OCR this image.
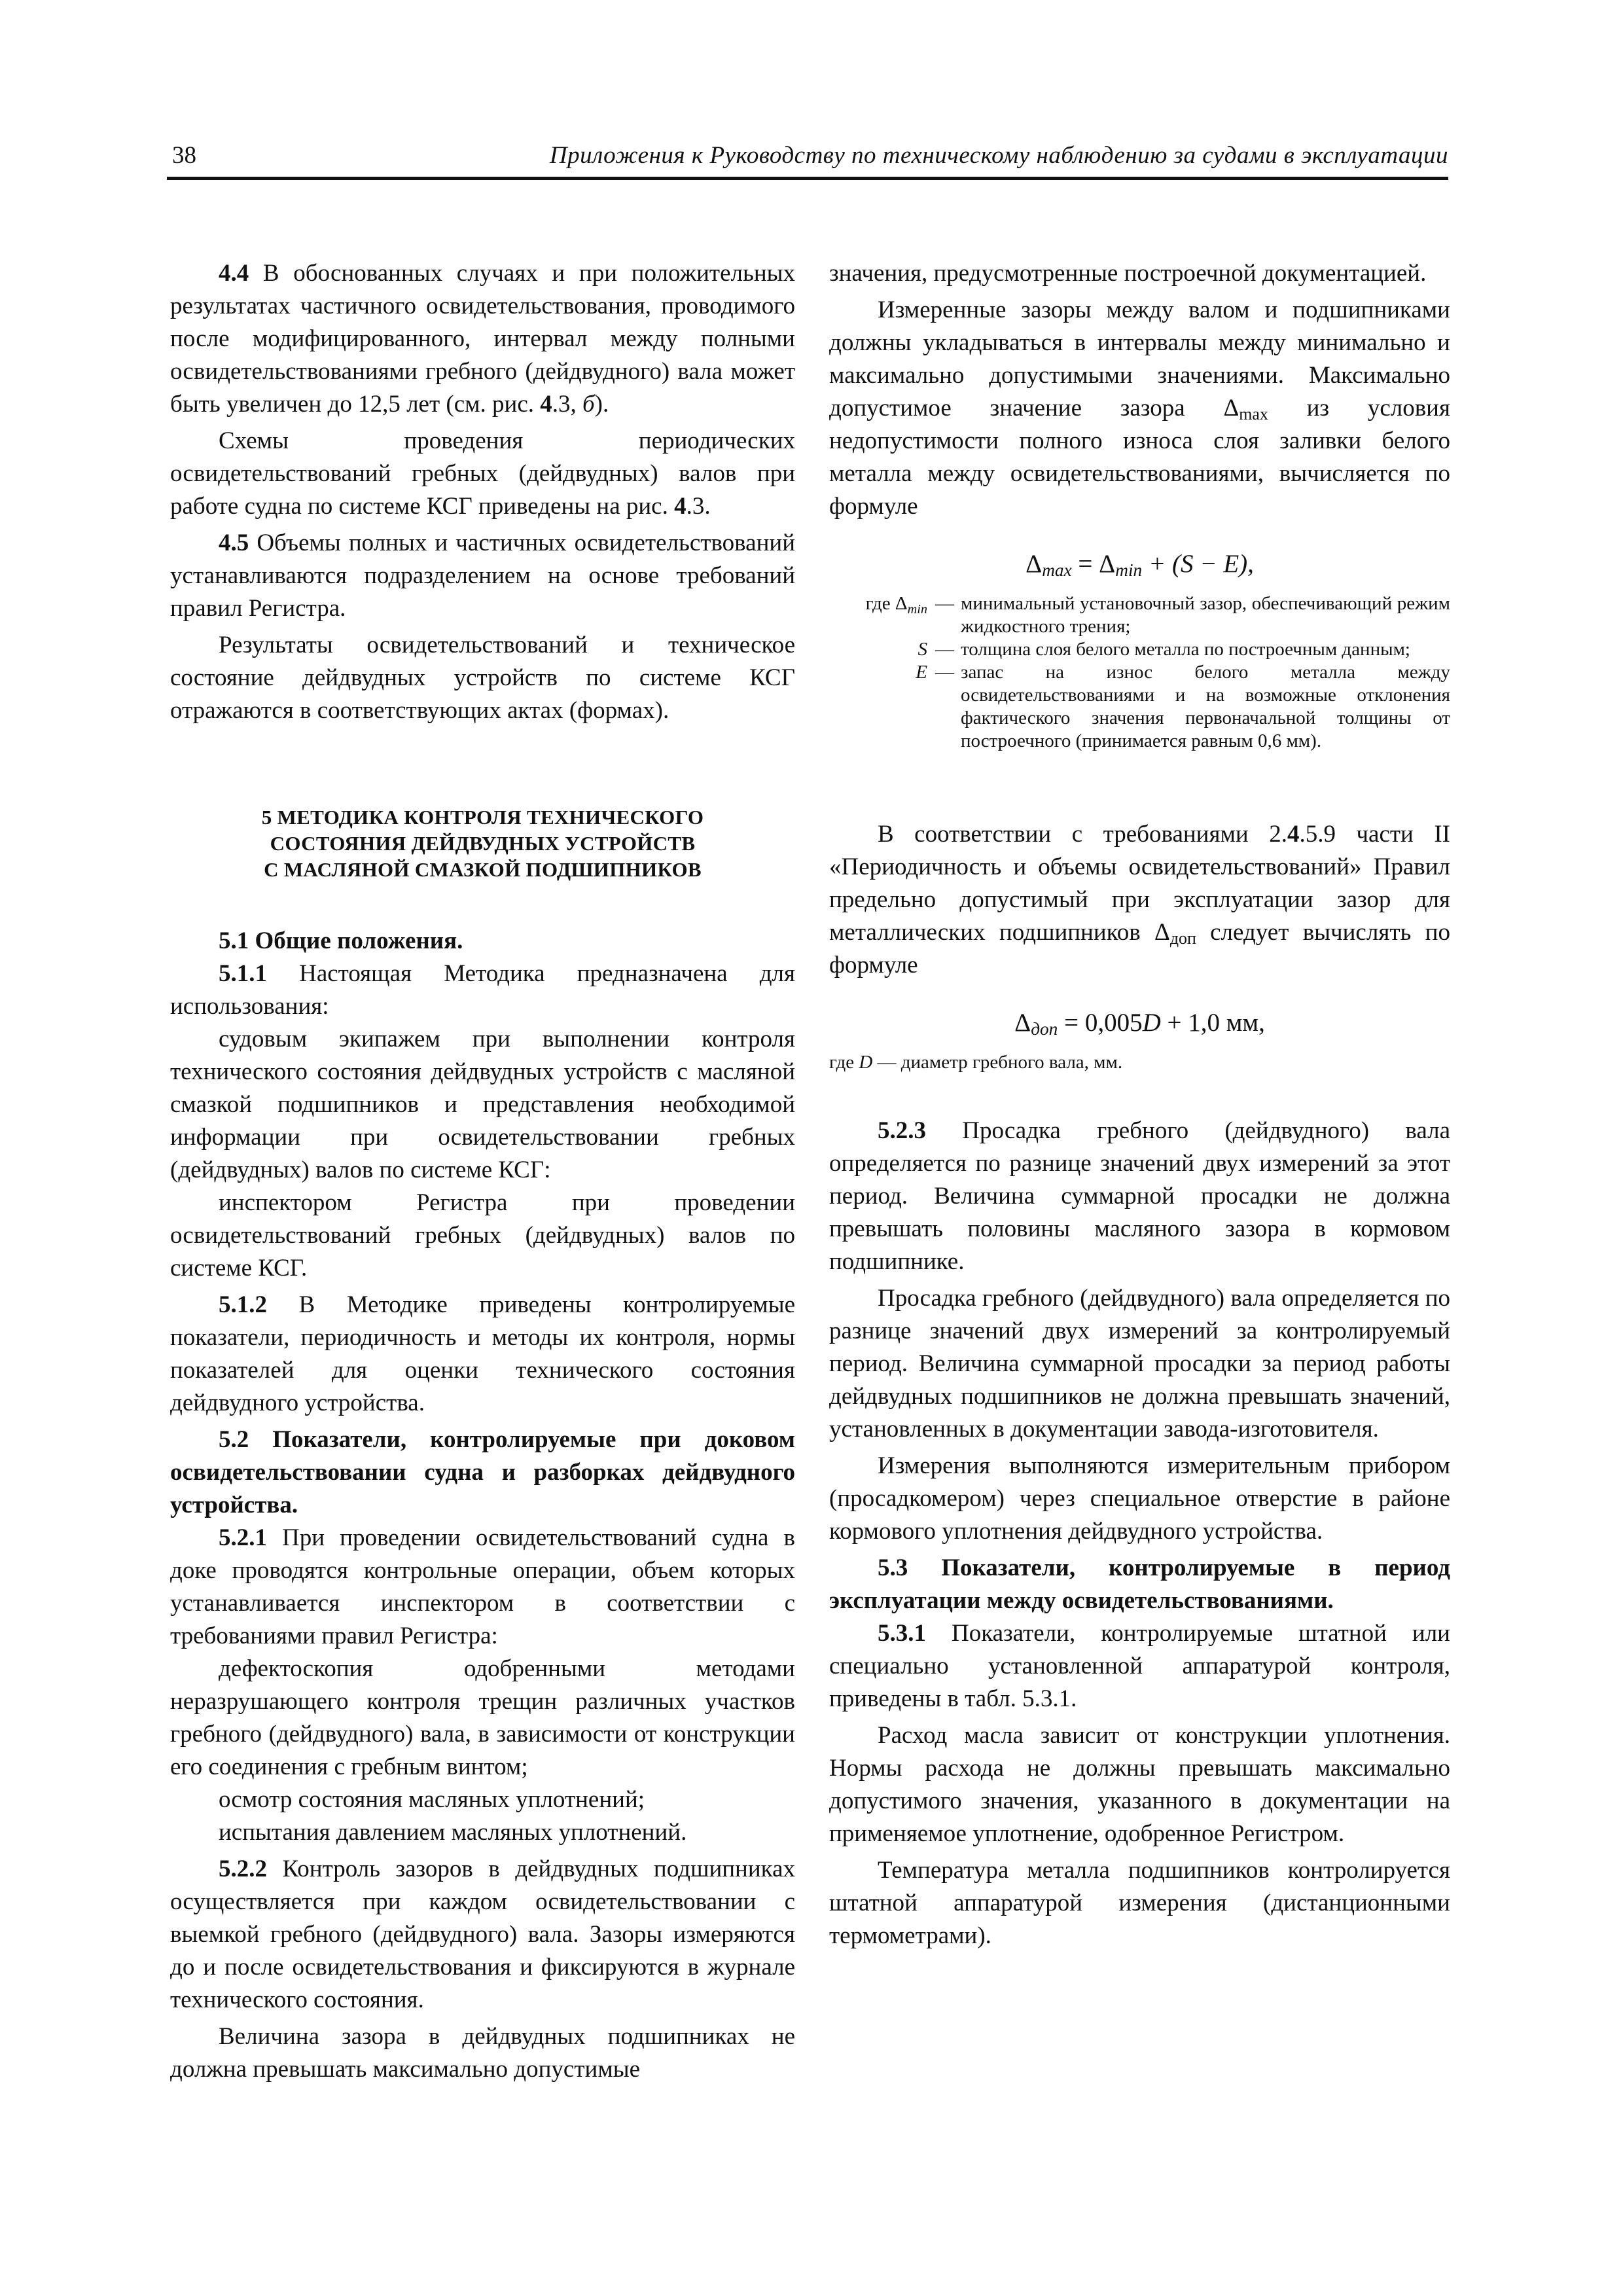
38	Приложения к Руководству по техническому наблюдению за судами в эксплуатации

4.4 В обоснованных случаях и при положительных результатах частичного освидетельствования, проводимого после модифицированного, интервал между полными освидетельствованиями гребного (дейдвудного) вала может быть увеличен до 12,5 лет (см. рис. 4.3, б).

Схемы проведения периодических освидетельствований гребных (дейдвудных) валов при работе судна по системе КСГ приведены на рис. 4.3.

4.5 Объемы полных и частичных освидетельствований устанавливаются подразделением на основе требований правил Регистра.

Результаты освидетельствований и техническое состояние дейдвудных устройств по системе КСГ отражаются в соответствующих актах (формах).

5 МЕТОДИКА КОНТРОЛЯ ТЕХНИЧЕСКОГО
СОСТОЯНИЯ ДЕЙДВУДНЫХ УСТРОЙСТВ
С МАСЛЯНОЙ СМАЗКОЙ ПОДШИПНИКОВ

5.1 Общие положения.

5.1.1 Настоящая Методика предназначена для использования:

судовым экипажем при выполнении контроля технического состояния дейдвудных устройств с масляной смазкой подшипников и представления необходимой информации при освидетельствовании гребных (дейдвудных) валов по системе КСГ:

инспектором Регистра при проведении освидетельствований гребных (дейдвудных) валов по системе КСГ.

5.1.2 В Методике приведены контролируемые показатели, периодичность и методы их контроля, нормы показателей для оценки технического состояния дейдвудного устройства.

5.2 Показатели, контролируемые при доковом освидетельствовании судна и разборках дейдвудного устройства.

5.2.1 При проведении освидетельствований судна в доке проводятся контрольные операции, объем которых устанавливается инспектором в соответствии с требованиями правил Регистра:

дефектоскопия одобренными методами неразрушающего контроля трещин различных участков гребного (дейдвудного) вала, в зависимости от конструкции его соединения с гребным винтом;

осмотр состояния масляных уплотнений;

испытания давлением масляных уплотнений.

5.2.2 Контроль зазоров в дейдвудных подшипниках осуществляется при каждом освидетельствовании с выемкой гребного (дейдвудного) вала. Зазоры измеряются до и после освидетельствования и фиксируются в журнале технического состояния.

Величина зазора в дейдвудных подшипниках не должна превышать максимально допустимые

значения, предусмотренные построечной документацией.

Измеренные зазоры между валом и подшипниками должны укладываться в интервалы между минимально и максимально допустимыми значениями. Максимально допустимое значение зазора $\Delta_{max}$ из условия недопустимости полного износа слоя заливки белого металла между освидетельствованиями, вычисляется по формуле

$\Delta_{max} = \Delta_{min} + (S - E)$,
где $\Delta_{min}$ — минимальный установочный зазор, обеспечивающий режим жидкостного трения;
S — толщина слоя белого металла по построечным данным;
E — запас на износ белого металла между освидетельствованиями и на возможные отклонения фактического значения первоначальной толщины от построечного (принимается равным 0,6 мм).

В соответствии с требованиями 2.4.5.9 части II «Периодичность и объемы освидетельствований» Правил предельно допустимый при эксплуатации зазор для металлических подшипников $\Delta_{доп}$ следует вычислять по формуле

$\Delta_{доп} = 0,005D + 1,0$ мм,
где D — диаметр гребного вала, мм.

5.2.3 Просадка гребного (дейдвудного) вала определяется по разнице значений двух измерений за этот период. Величина суммарной просадки не должна превышать половины масляного зазора в кормовом подшипнике.

Просадка гребного (дейдвудного) вала определяется по разнице значений двух измерений за контролируемый период. Величина суммарной просадки за период работы дейдвудных подшипников не должна превышать значений, установленных в документации завода-изготовителя.

Измерения выполняются измерительным прибором (просадкомером) через специальное отверстие в районе кормового уплотнения дейдвудного устройства.

5.3 Показатели, контролируемые в период эксплуатации между освидетельствованиями.

5.3.1 Показатели, контролируемые штатной или специально установленной аппаратурой контроля, приведены в табл. 5.3.1.

Расход масла зависит от конструкции уплотнения. Нормы расхода не должны превышать максимально допустимого значения, указанного в документации на применяемое уплотнение, одобренное Регистром.

Температура металла подшипников контролируется штатной аппаратурой измерения (дистанционными термометрами).
